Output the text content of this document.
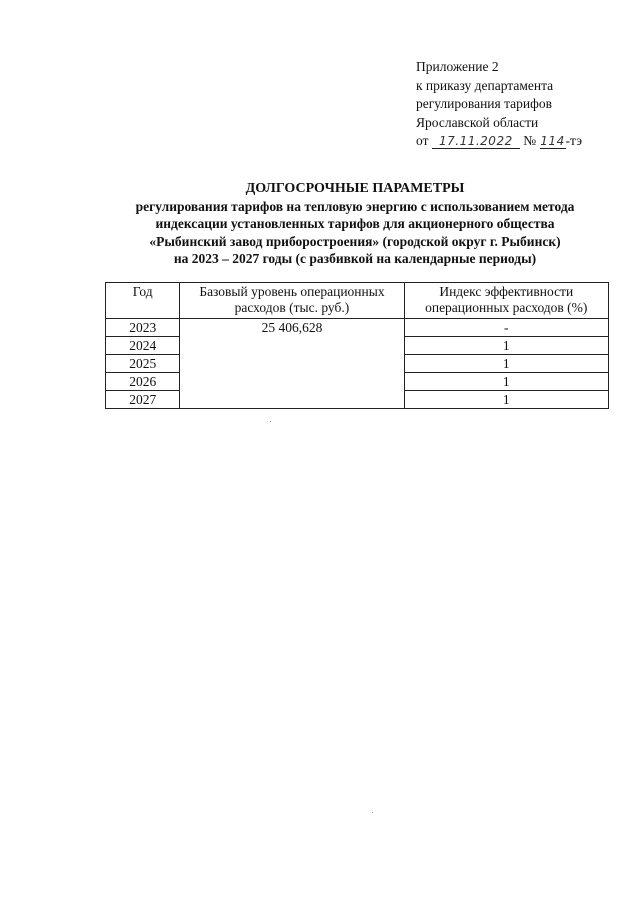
Приложение 2
к приказу департамента
регулирования тарифов
Ярославской области
от 17.11.2022 № 114-тэ
ДОЛГОСРОЧНЫЕ ПАРАМЕТРЫ
регулирования тарифов на тепловую энергию с использованием метода
индексации установленных тарифов для акционерного общества
«Рыбинский завод приборостроения» (городской округ г. Рыбинск)
на 2023 – 2027 годы (с разбивкой на календарные периоды)
Год	Базовый уровень операционных расходов (тыс. руб.)	Индекс эффективности операционных расходов (%)
2023	25 406,628	-
2024		1
2025		1
2026		1
2027		1
